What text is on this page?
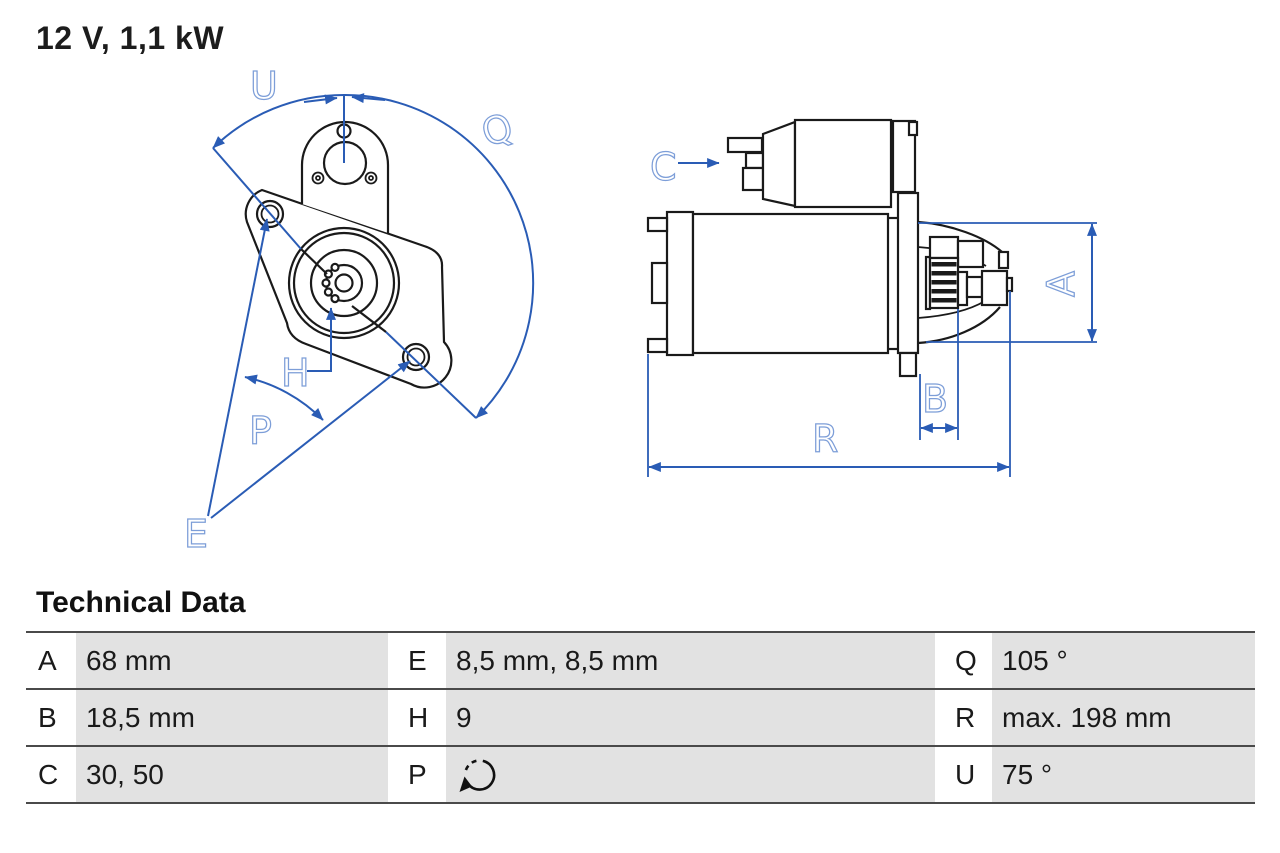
12 V, 1,1 kW
U
Q
H
P
E
C
A
B
R
Technical Data
A 68 mm	E 8,5 mm, 8,5 mm	Q 105 °
B 18,5 mm	H 9	R max. 198 mm
C 30, 50	P	U 75 °
